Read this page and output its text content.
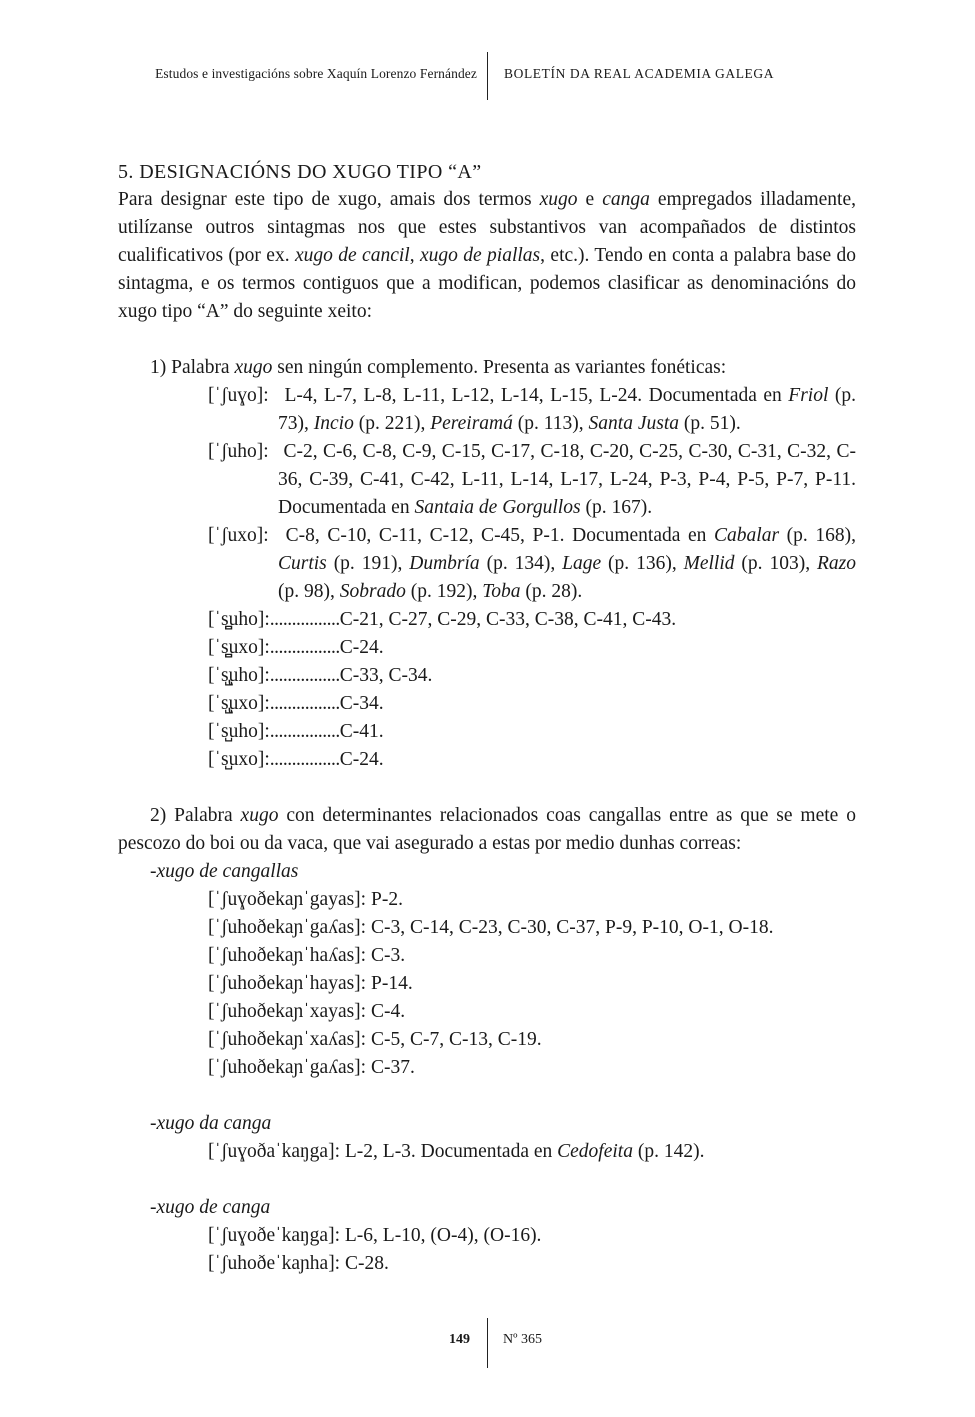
Estudos e investigacións sobre Xaquín Lorenzo Fernández BOLETÍN DA REAL ACADEMIA GALEGA

5. DESIGNACIÓNS DO XUGO TIPO “A”

Para designar este tipo de xugo, amais dos termos xugo e canga empregados illadamente, utilízanse outros sintagmas nos que estes substantivos van acompañados de distintos cualificativos (por ex. xugo de cancil, xugo de piallas, etc.). Tendo en conta a palabra base do sintagma, e os termos contiguos que a modifican, podemos clasificar as denominacións do xugo tipo “A” do seguinte xeito:

1) Palabra xugo sen ningún complemento. Presenta as variantes fonéticas:

[ˈʃuɣo]: L-4, L-7, L-8, L-11, L-12, L-14, L-15, L-24. Documentada en Friol (p. 73), Incio (p. 221), Pereiramá (p. 113), Santa Justa (p. 51).

[ˈʃuho]: C-2, C-6, C-8, C-9, C-15, C-17, C-18, C-20, C-25, C-30, C-31, C-32, C-36, C-39, C-41, C-42, L-11, L-14, L-17, L-24, P-3, P-4, P-5, P-7, P-11. Documentada en Santaia de Gorgullos (p. 167).

[ˈʃuxo]: C-8, C-10, C-11, C-12, C-45, P-1. Documentada en Cabalar (p. 168), Curtis (p. 191), Dumbría (p. 134), Lage (p. 136), Mellid (p. 103), Razo (p. 98), Sobrado (p. 192), Toba (p. 28).

[ˈs̺̪uho]:................C-21, C-27, C-29, C-33, C-38, C-41, C-43.

[ˈs̺̪uxo]:................C-24.

[ˈs̢̺uho]:................C-33, C-34.

[ˈs̢̺uxo]:................C-34.

[ˈs̺uho]:................C-41.

[ˈs̺uxo]:................C-24.

2) Palabra xugo con determinantes relacionados coas cangallas entre as que se mete o pescozo do boi ou da vaca, que vai asegurado a estas por medio dunhas correas:

-xugo de cangallas

[ˈʃuɣoðekaɲˈgayas]: P-2.

[ˈʃuhoðekaɲˈgaʎas]: C-3, C-14, C-23, C-30, C-37, P-9, P-10, O-1, O-18.

[ˈʃuhoðekaɲˈhaʎas]: C-3.

[ˈʃuhoðekaɲˈhayas]: P-14.

[ˈʃuhoðekaɲˈxayas]: C-4.

[ˈʃuhoðekaɲˈxaʎas]: C-5, C-7, C-13, C-19.

[ˈʃuhoðekaɲˈgaʎas]: C-37.

-xugo da canga

[ˈʃuɣoðaˈkaŋga]: L-2, L-3. Documentada en Cedofeita (p. 142).

-xugo de canga

[ˈʃuɣoðeˈkaŋga]: L-6, L-10, (O-4), (O-16).

[ˈʃuhoðeˈkaɲha]: C-28.

149 Nº 365
